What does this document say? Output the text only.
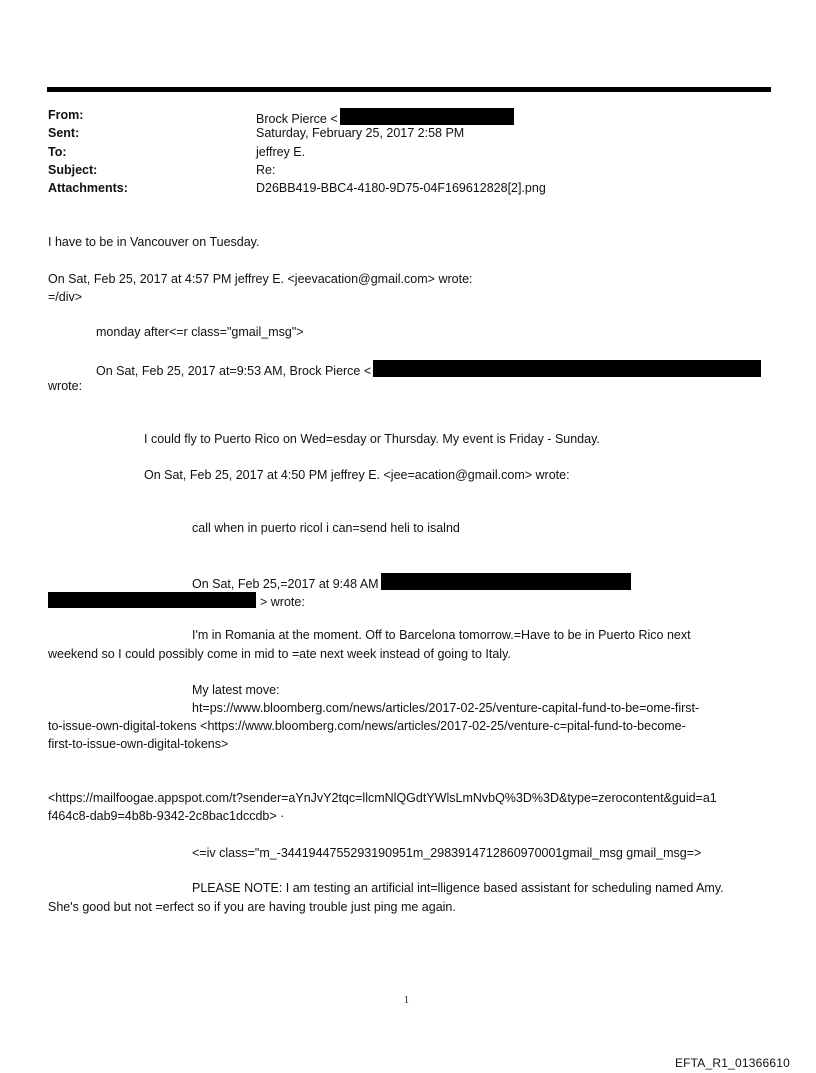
From:	Brock Pierce <
Sent:	Saturday, February 25, 2017 2:58 PM
To:	jeffrey E.
Subject:	Re:
Attachments:	D26BB419-BBC4-4180-9D75-04F169612828[2].png
I have to be in Vancouver on Tuesday.
On Sat, Feb 25, 2017 at 4:57 PM jeffrey E. <jeevacation@gmail.com> wrote:
=/div>
monday after<=r class="gmail_msg">
On Sat, Feb 25, 2017 at=9:53 AM, Brock Pierce <
wrote:
I could fly to Puerto Rico on Wed=esday or Thursday. My event is Friday - Sunday.
On Sat, Feb 25, 2017 at 4:50 PM jeffrey E. <jee=acation@gmail.com> wrote:
call when in puerto ricol i can=send heli to isalnd
On Sat, Feb 25,=2017 at 9:48 AM
> wrote:
I'm in Romania at the moment. Off to Barcelona tomorrow.=Have to be in Puerto Rico next
weekend so I could possibly come in mid to =ate next week instead of going to Italy.
My latest move:
ht=ps://www.bloomberg.com/news/articles/2017-02-25/venture-capital-fund-to-be=ome-first-
to-issue-own-digital-tokens <https://www.bloomberg.com/news/articles/2017-02-25/venture-c=pital-fund-to-become-
first-to-issue-own-digital-tokens>
<https://mailfoogae.appspot.com/t?sender=aYnJvY2tqc=llcmNlQGdtYWlsLmNvbQ%3D%3D&type=zerocontent&guid=a1
f464c8-dab9=4b8b-9342-2c8bac1dccdb> ·
<=iv class="m_-3441944755293190951m_2983914712860970001gmail_msg gmail_msg=>
PLEASE NOTE: I am testing an artificial int=lligence based assistant for scheduling named Amy.
She's good but not =erfect so if you are having trouble just ping me again.
1
EFTA_R1_01366610
